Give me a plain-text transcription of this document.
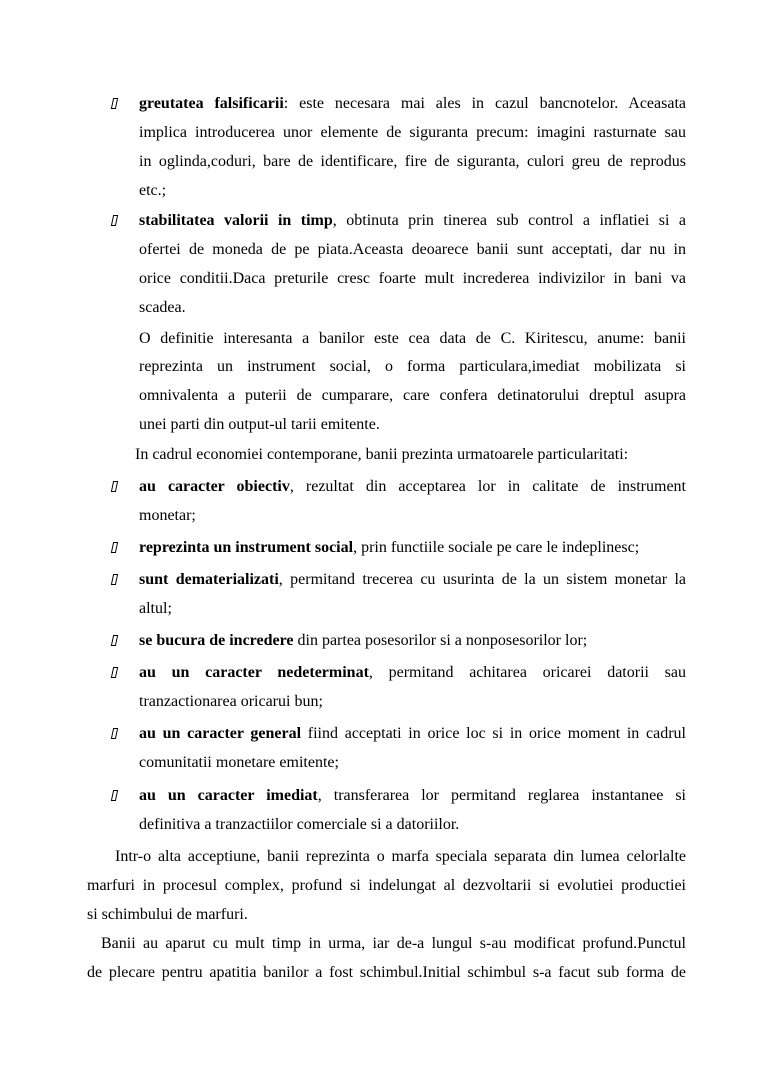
greutatea falsificarii: este necesara mai ales in cazul bancnotelor. Aceasata
implica introducerea unor elemente de siguranta precum: imagini rasturnate sau
in oglinda,coduri, bare de identificare, fire de siguranta, culori greu de reprodus
etc.;
stabilitatea valorii in timp, obtinuta prin tinerea sub control a inflatiei si a
ofertei de moneda de pe piata.Aceasta deoarece banii sunt acceptati, dar nu in
orice conditii.Daca preturile cresc foarte mult increderea indivizilor in bani va
scadea.
O definitie interesanta a banilor este cea data de C. Kiritescu, anume: banii
reprezinta un instrument social, o forma particulara,imediat mobilizata si
omnivalenta a puterii de cumparare, care confera detinatorului dreptul asupra
unei parti din output-ul tarii emitente.
In cadrul economiei contemporane, banii prezinta urmatoarele particularitati:
au caracter obiectiv, rezultat din acceptarea lor in calitate de instrument
monetar;
reprezinta un instrument social, prin functiile sociale pe care le indeplinesc;
sunt dematerializati, permitand trecerea cu usurinta de la un sistem monetar la
altul;
se bucura de incredere din partea posesorilor si a nonposesorilor lor;
au un caracter nedeterminat, permitand achitarea oricarei datorii sau
tranzactionarea oricarui bun;
au un caracter general fiind acceptati in orice loc si in orice moment in cadrul
comunitatii monetare emitente;
au un caracter imediat, transferarea lor permitand reglarea instantanee si
definitiva a tranzactiilor comerciale si a datoriilor.
Intr-o alta acceptiune, banii reprezinta o marfa speciala separata din lumea celorlalte
marfuri in procesul complex, profund si indelungat al dezvoltarii si evolutiei productiei
si schimbului de marfuri.
Banii au aparut cu mult timp in urma, iar de-a lungul s-au modificat profund.Punctul
de plecare pentru apatitia banilor a fost schimbul.Initial schimbul s-a facut sub forma de
